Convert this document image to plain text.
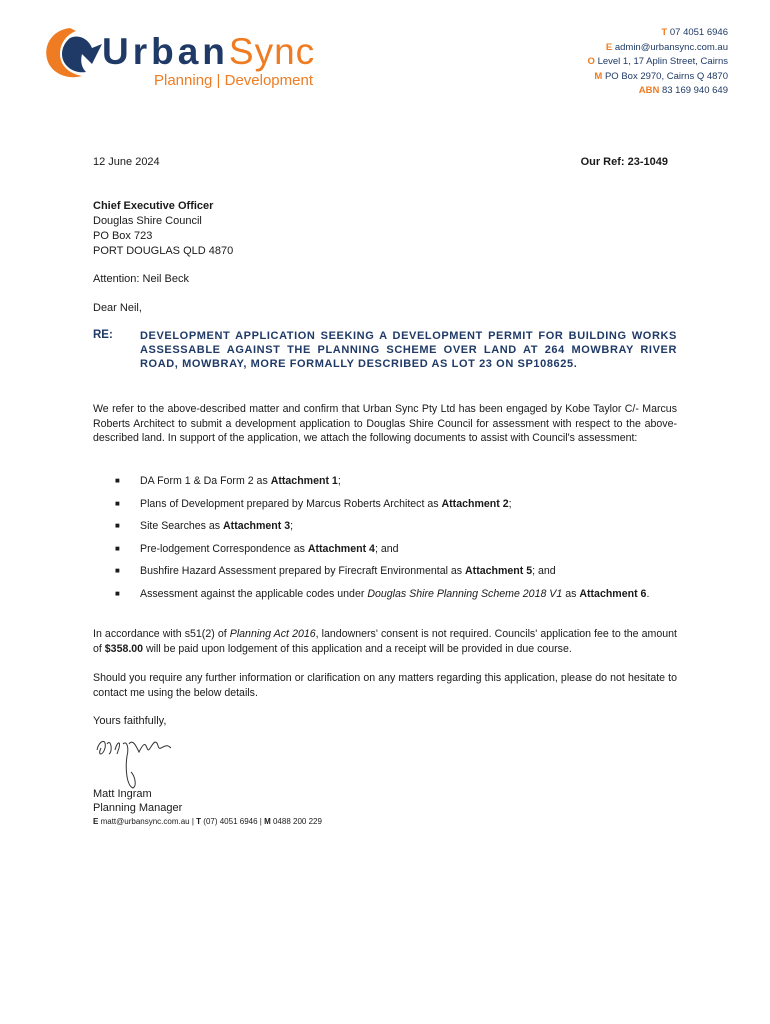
UrbanSync
Planning | Development
T 07 4051 6946
E admin@urbansync.com.au
O Level 1, 17 Aplin Street, Cairns
M PO Box 2970, Cairns Q 4870
ABN 83 169 940 649
12 June 2024	Our Ref: 23-1049
Chief Executive Officer
Douglas Shire Council
PO Box 723
PORT DOUGLAS QLD 4870
Attention: Neil Beck
Dear Neil,
RE: DEVELOPMENT APPLICATION SEEKING A DEVELOPMENT PERMIT FOR BUILDING WORKS ASSESSABLE AGAINST THE PLANNING SCHEME OVER LAND AT 264 MOWBRAY RIVER ROAD, MOWBRAY, MORE FORMALLY DESCRIBED AS LOT 23 ON SP108625.
We refer to the above-described matter and confirm that Urban Sync Pty Ltd has been engaged by Kobe Taylor C/- Marcus Roberts Architect to submit a development application to Douglas Shire Council for assessment with respect to the above-described land. In support of the application, we attach the following documents to assist with Council's assessment:
■ DA Form 1 & Da Form 2 as Attachment 1;
■ Plans of Development prepared by Marcus Roberts Architect as Attachment 2;
■ Site Searches as Attachment 3;
■ Pre-lodgement Correspondence as Attachment 4; and
■ Bushfire Hazard Assessment prepared by Firecraft Environmental as Attachment 5; and
■ Assessment against the applicable codes under Douglas Shire Planning Scheme 2018 V1 as Attachment 6.
In accordance with s51(2) of Planning Act 2016, landowners' consent is not required. Councils' application fee to the amount of $358.00 will be paid upon lodgement of this application and a receipt will be provided in due course.
Should you require any further information or clarification on any matters regarding this application, please do not hesitate to contact me using the below details.
Yours faithfully,
Matt Ingram
Planning Manager
E matt@urbansync.com.au | T (07) 4051 6946 | M 0488 200 229
